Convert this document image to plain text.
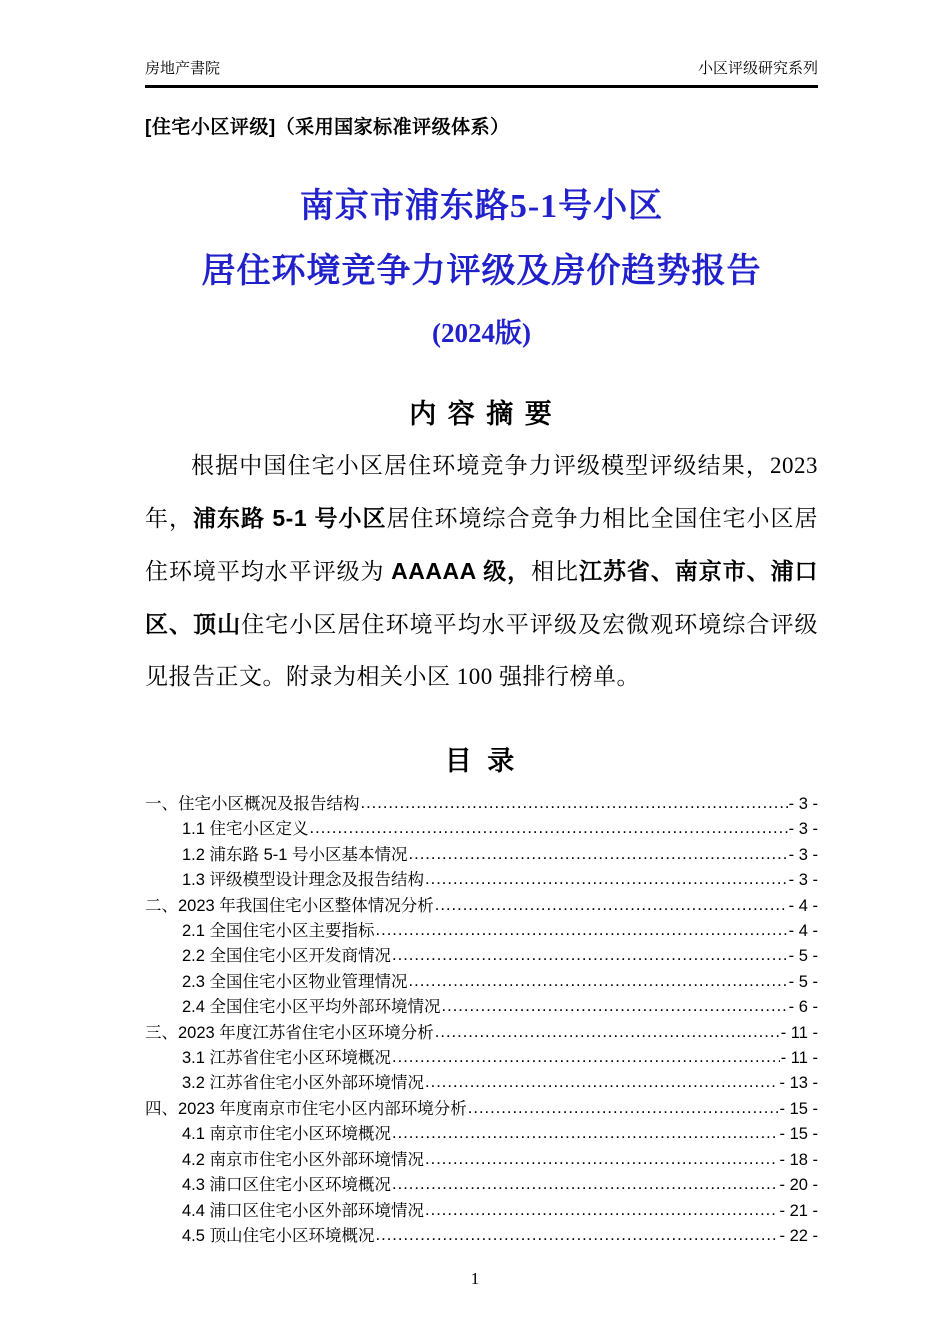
房地产書院	小区评级研究系列
[住宅小区评级]（采用国家标准评级体系）
南京市浦东路5-1号小区
居住环境竞争力评级及房价趋势报告
(2024版)
内 容 摘 要

根据中国住宅小区居住环境竞争力评级模型评级结果，2023 年，浦东路 5-1 号小区居住环境综合竞争力相比全国住宅小区居住环境平均水平评级为 AAAAA 级，相比江苏省、南京市、浦口区、顶山住宅小区居住环境平均水平评级及宏微观环境综合评级见报告正文。附录为相关小区 100 强排行榜单。

目 录
一、住宅小区概况及报告结构 .....	- 3 -
1.1 住宅小区定义 .....	- 3 -
1.2 浦东路 5-1 号小区基本情况 .....	- 3 -
1.3 评级模型设计理念及报告结构 .....	- 3 -
二、2023 年我国住宅小区整体情况分析 .....	- 4 -
2.1 全国住宅小区主要指标 .....	- 4 -
2.2 全国住宅小区开发商情况 .....	- 5 -
2.3 全国住宅小区物业管理情况 .....	- 5 -
2.4 全国住宅小区平均外部环境情况 .....	- 6 -
三、2023 年度江苏省住宅小区环境分析 .....	- 11 -
3.1 江苏省住宅小区环境概况 .....	- 11 -
3.2 江苏省住宅小区外部环境情况 .....	- 13 -
四、2023 年度南京市住宅小区内部环境分析 .....	- 15 -
4.1 南京市住宅小区环境概况 .....	- 15 -
4.2 南京市住宅小区外部环境情况 .....	- 18 -
4.3 浦口区住宅小区环境概况 .....	- 20 -
4.4 浦口区住宅小区外部环境情况 .....	- 21 -
4.5 顶山住宅小区环境概况 .....	- 22 -
1
